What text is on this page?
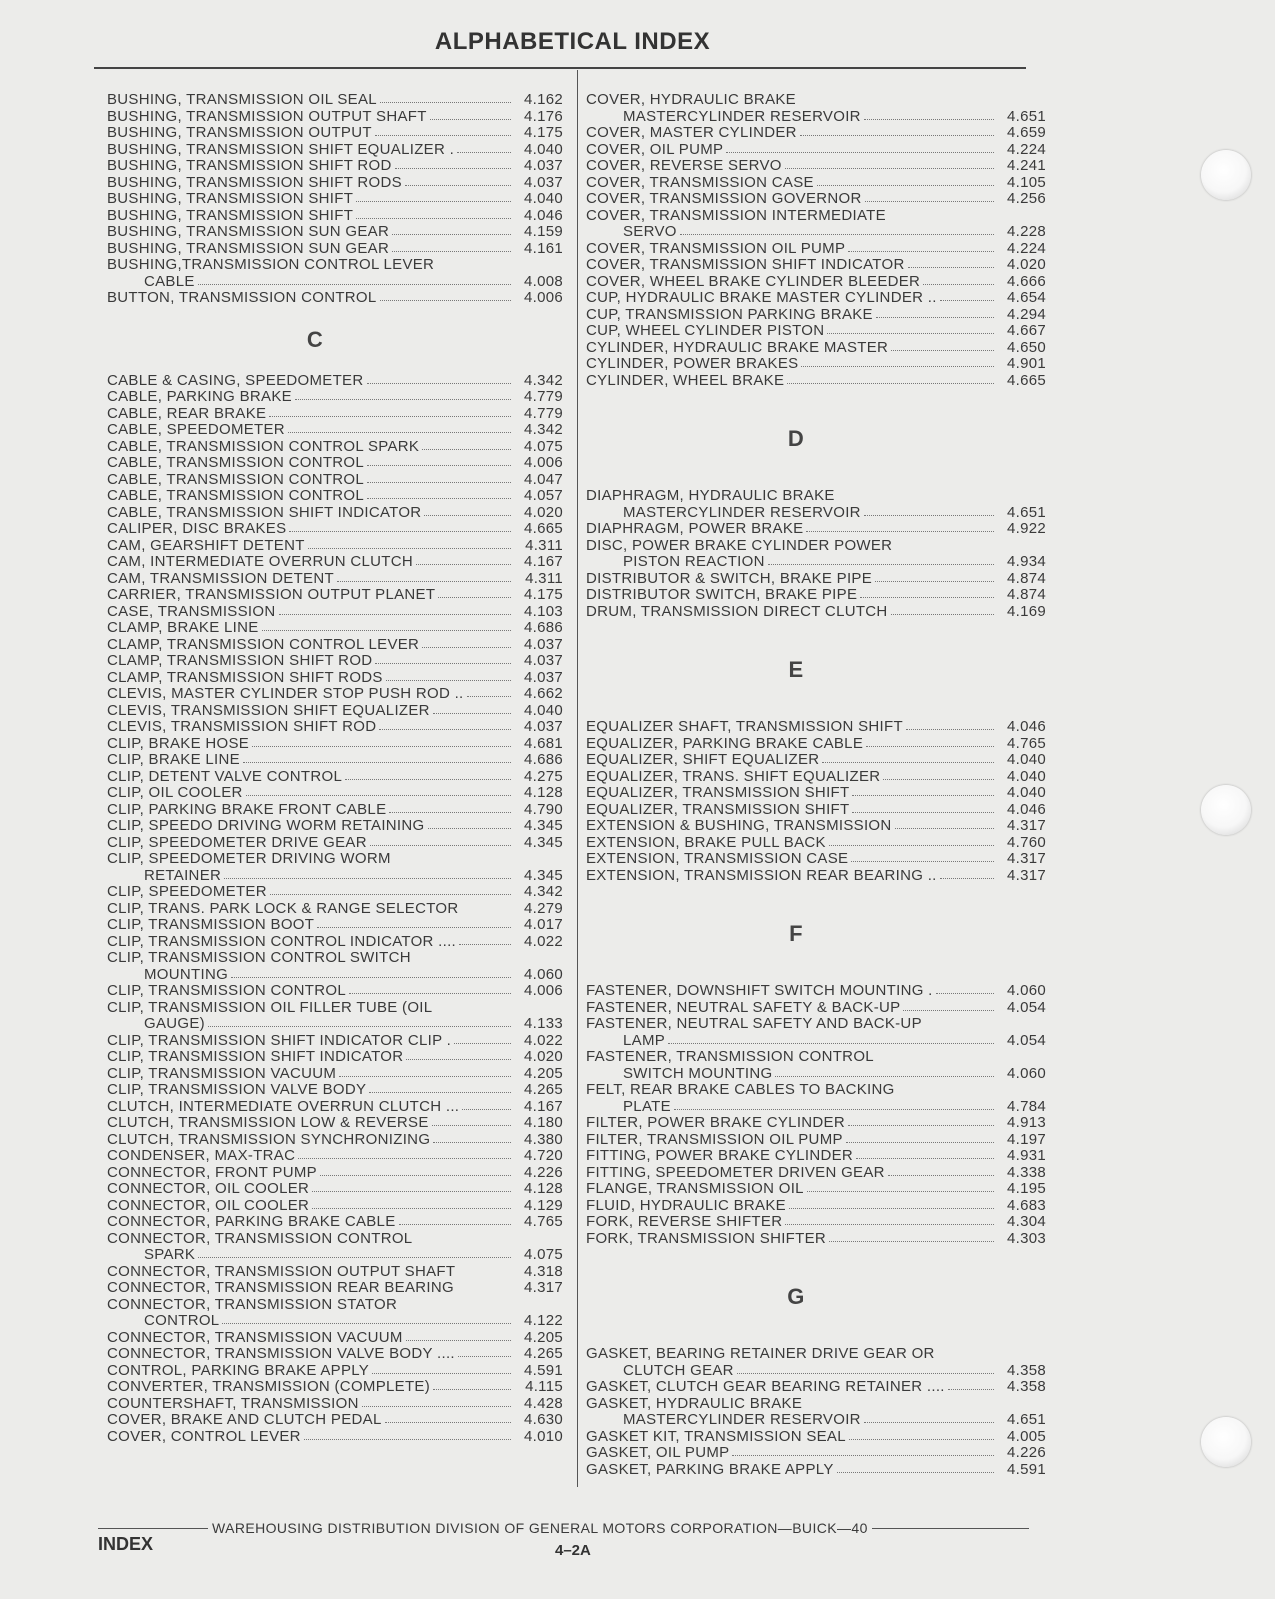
ALPHABETICAL INDEX
BUSHING, TRANSMISSION OIL SEAL	4.162
BUSHING, TRANSMISSION OUTPUT SHAFT	4.176
BUSHING, TRANSMISSION OUTPUT	4.175
BUSHING, TRANSMISSION SHIFT EQUALIZER .	4.040
BUSHING, TRANSMISSION SHIFT ROD	4.037
BUSHING, TRANSMISSION SHIFT RODS	4.037
BUSHING, TRANSMISSION SHIFT	4.040
BUSHING, TRANSMISSION SHIFT	4.046
BUSHING, TRANSMISSION SUN GEAR	4.159
BUSHING, TRANSMISSION SUN GEAR	4.161
BUSHING,TRANSMISSION CONTROL LEVER
CABLE	4.008
BUTTON, TRANSMISSION CONTROL	4.006
C
CABLE & CASING, SPEEDOMETER	4.342
CABLE, PARKING BRAKE	4.779
CABLE, REAR BRAKE	4.779
CABLE, SPEEDOMETER	4.342
CABLE, TRANSMISSION CONTROL SPARK	4.075
CABLE, TRANSMISSION CONTROL	4.006
CABLE, TRANSMISSION CONTROL	4.047
CABLE, TRANSMISSION CONTROL	4.057
CABLE, TRANSMISSION SHIFT INDICATOR	4.020
CALIPER, DISC BRAKES	4.665
CAM, GEARSHIFT DETENT	4.311
CAM, INTERMEDIATE OVERRUN CLUTCH	4.167
CAM, TRANSMISSION DETENT	4.311
CARRIER, TRANSMISSION OUTPUT PLANET	4.175
CASE, TRANSMISSION	4.103
CLAMP, BRAKE LINE	4.686
CLAMP, TRANSMISSION CONTROL LEVER	4.037
CLAMP, TRANSMISSION SHIFT ROD	4.037
CLAMP, TRANSMISSION SHIFT RODS	4.037
CLEVIS, MASTER CYLINDER STOP PUSH ROD ..	4.662
CLEVIS, TRANSMISSION SHIFT EQUALIZER	4.040
CLEVIS, TRANSMISSION SHIFT ROD	4.037
CLIP, BRAKE HOSE	4.681
CLIP, BRAKE LINE	4.686
CLIP, DETENT VALVE CONTROL	4.275
CLIP, OIL COOLER	4.128
CLIP, PARKING BRAKE FRONT CABLE	4.790
CLIP, SPEEDO DRIVING WORM RETAINING	4.345
CLIP, SPEEDOMETER DRIVE GEAR	4.345
CLIP, SPEEDOMETER DRIVING WORM
RETAINER	4.345
CLIP, SPEEDOMETER	4.342
CLIP, TRANS. PARK LOCK & RANGE SELECTOR	4.279
CLIP, TRANSMISSION BOOT	4.017
CLIP, TRANSMISSION CONTROL INDICATOR ....	4.022
CLIP, TRANSMISSION CONTROL SWITCH
MOUNTING	4.060
CLIP, TRANSMISSION CONTROL	4.006
CLIP, TRANSMISSION OIL FILLER TUBE (OIL
GAUGE)	4.133
CLIP, TRANSMISSION SHIFT INDICATOR CLIP .	4.022
CLIP, TRANSMISSION SHIFT INDICATOR	4.020
CLIP, TRANSMISSION VACUUM	4.205
CLIP, TRANSMISSION VALVE BODY	4.265
CLUTCH, INTERMEDIATE OVERRUN CLUTCH ...	4.167
CLUTCH, TRANSMISSION LOW & REVERSE	4.180
CLUTCH, TRANSMISSION SYNCHRONIZING	4.380
CONDENSER, MAX-TRAC	4.720
CONNECTOR, FRONT PUMP	4.226
CONNECTOR, OIL COOLER	4.128
CONNECTOR, OIL COOLER	4.129
CONNECTOR, PARKING BRAKE CABLE	4.765
CONNECTOR, TRANSMISSION CONTROL
SPARK	4.075
CONNECTOR, TRANSMISSION OUTPUT SHAFT	4.318
CONNECTOR, TRANSMISSION REAR BEARING	4.317
CONNECTOR, TRANSMISSION STATOR
CONTROL	4.122
CONNECTOR, TRANSMISSION VACUUM	4.205
CONNECTOR, TRANSMISSION VALVE BODY ....	4.265
CONTROL, PARKING BRAKE APPLY	4.591
CONVERTER, TRANSMISSION (COMPLETE)	4.115
COUNTERSHAFT, TRANSMISSION	4.428
COVER, BRAKE AND CLUTCH PEDAL	4.630
COVER, CONTROL LEVER	4.010
COVER, HYDRAULIC BRAKE
MASTERCYLINDER RESERVOIR	4.651
COVER, MASTER CYLINDER	4.659
COVER, OIL PUMP	4.224
COVER, REVERSE SERVO	4.241
COVER, TRANSMISSION CASE	4.105
COVER, TRANSMISSION GOVERNOR	4.256
COVER, TRANSMISSION INTERMEDIATE
SERVO	4.228
COVER, TRANSMISSION OIL PUMP	4.224
COVER, TRANSMISSION SHIFT INDICATOR	4.020
COVER, WHEEL BRAKE CYLINDER BLEEDER	4.666
CUP, HYDRAULIC BRAKE MASTER CYLINDER ..	4.654
CUP, TRANSMISSION PARKING BRAKE	4.294
CUP, WHEEL CYLINDER PISTON	4.667
CYLINDER, HYDRAULIC BRAKE MASTER	4.650
CYLINDER, POWER BRAKES	4.901
CYLINDER, WHEEL BRAKE	4.665
D
DIAPHRAGM, HYDRAULIC BRAKE
MASTERCYLINDER RESERVOIR	4.651
DIAPHRAGM, POWER BRAKE	4.922
DISC, POWER BRAKE CYLINDER POWER
PISTON REACTION	4.934
DISTRIBUTOR & SWITCH, BRAKE PIPE	4.874
DISTRIBUTOR SWITCH, BRAKE PIPE	4.874
DRUM, TRANSMISSION DIRECT CLUTCH	4.169
E
EQUALIZER SHAFT, TRANSMISSION SHIFT	4.046
EQUALIZER, PARKING BRAKE CABLE	4.765
EQUALIZER, SHIFT EQUALIZER	4.040
EQUALIZER, TRANS. SHIFT EQUALIZER	4.040
EQUALIZER, TRANSMISSION SHIFT	4.040
EQUALIZER, TRANSMISSION SHIFT	4.046
EXTENSION & BUSHING, TRANSMISSION	4.317
EXTENSION, BRAKE PULL BACK	4.760
EXTENSION, TRANSMISSION CASE	4.317
EXTENSION, TRANSMISSION REAR BEARING ..	4.317
F
FASTENER, DOWNSHIFT SWITCH MOUNTING .	4.060
FASTENER, NEUTRAL SAFETY & BACK-UP	4.054
FASTENER, NEUTRAL SAFETY AND BACK-UP
LAMP	4.054
FASTENER, TRANSMISSION CONTROL
SWITCH MOUNTING	4.060
FELT, REAR BRAKE CABLES TO BACKING
PLATE	4.784
FILTER, POWER BRAKE CYLINDER	4.913
FILTER, TRANSMISSION OIL PUMP	4.197
FITTING, POWER BRAKE CYLINDER	4.931
FITTING, SPEEDOMETER DRIVEN GEAR	4.338
FLANGE, TRANSMISSION OIL	4.195
FLUID, HYDRAULIC BRAKE	4.683
FORK, REVERSE SHIFTER	4.304
FORK, TRANSMISSION SHIFTER	4.303
G
GASKET, BEARING RETAINER DRIVE GEAR OR
CLUTCH GEAR	4.358
GASKET, CLUTCH GEAR BEARING RETAINER ....	4.358
GASKET, HYDRAULIC BRAKE
MASTERCYLINDER RESERVOIR	4.651
GASKET KIT, TRANSMISSION SEAL	4.005
GASKET, OIL PUMP	4.226
GASKET, PARKING BRAKE APPLY	4.591
WAREHOUSING DISTRIBUTION DIVISION OF GENERAL MOTORS CORPORATION—BUICK—40
INDEX	4–2A
